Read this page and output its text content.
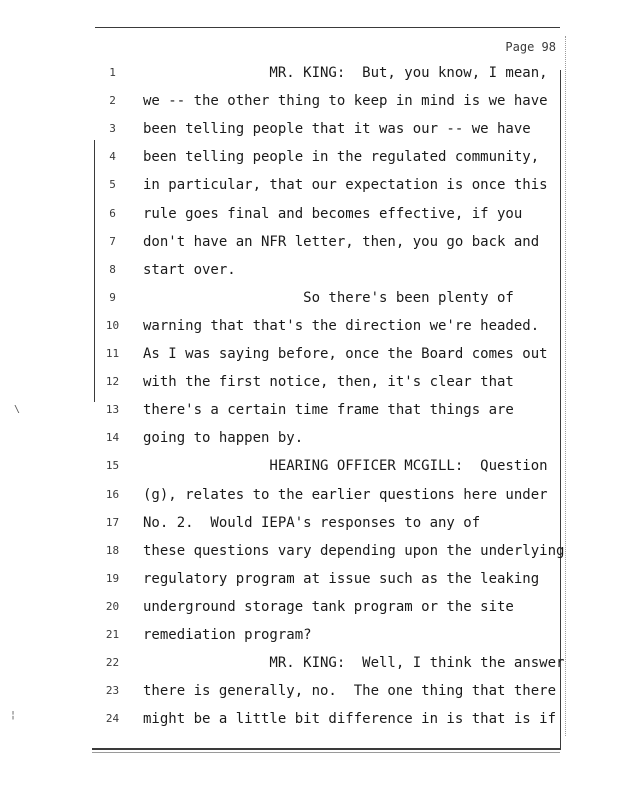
Page 98
1	MR. KING:  But, you know, I mean,
2	we -- the other thing to keep in mind is we have
3	been telling people that it was our -- we have
4	been telling people in the regulated community,
5	in particular, that our expectation is once this
6	rule goes final and becomes effective, if you
7	don't have an NFR letter, then, you go back and
8	start over.
9	So there's been plenty of
10	warning that that's the direction we're headed.
11	As I was saying before, once the Board comes out
12	with the first notice, then, it's clear that
13	there's a certain time frame that things are
14	going to happen by.
15	HEARING OFFICER MCGILL:  Question
16	(g), relates to the earlier questions here under
17	No. 2.  Would IEPA's responses to any of
18	these questions vary depending upon the underlying
19	regulatory program at issue such as the leaking
20	underground storage tank program or the site
21	remediation program?
22	MR. KING:  Well, I think the answer
23	there is generally, no.  The one thing that there
24	might be a little bit difference in is that is if
\
¦
